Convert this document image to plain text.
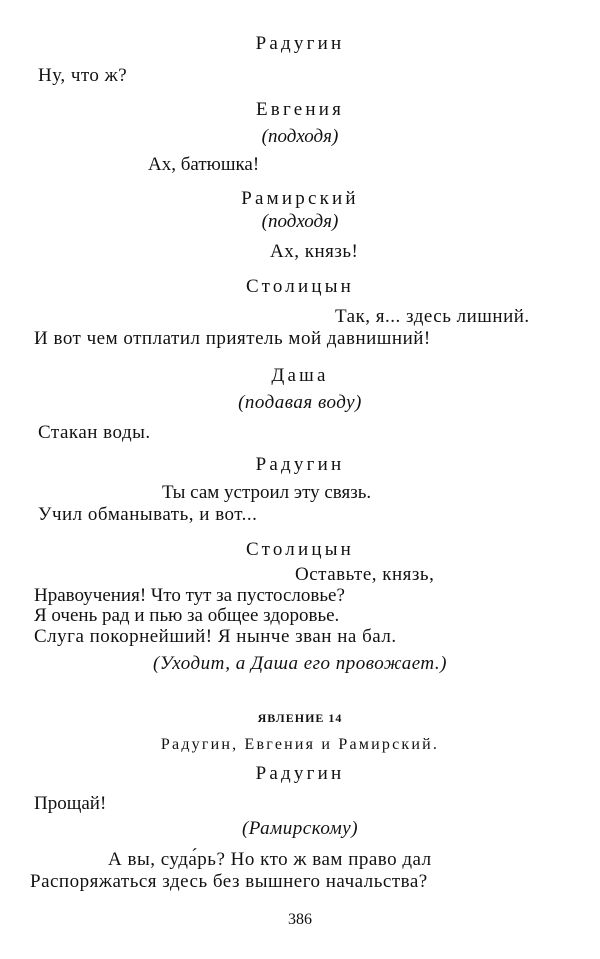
Радугин
Ну, что ж?
Евгения
(подходя)
Ах, батюшка!
Рамирский
(подходя)
Ах, князь!
Столицын
Так, я... здесь лишний.
И вот чем отплатил приятель мой давнишний!
Даша
(подавая воду)
Стакан воды.
Радугин
Ты сам устроил эту связь.
Учил обманывать, и вот...
Столицын
Оставьте, князь,
Нравоучения! Что тут за пустословье?
Я очень рад и пью за общее здоровье.
Слуга покорнейший! Я нынче зван на бал.
(Уходит, а Даша его провожает.)
ЯВЛЕНИЕ 14
Радугин, Евгения и Рамирский.
Радугин
Прощай!
(Рамирскому)
А вы, суда́рь? Но кто ж вам право дал
Распоряжаться здесь без вышнего начальства?
386
